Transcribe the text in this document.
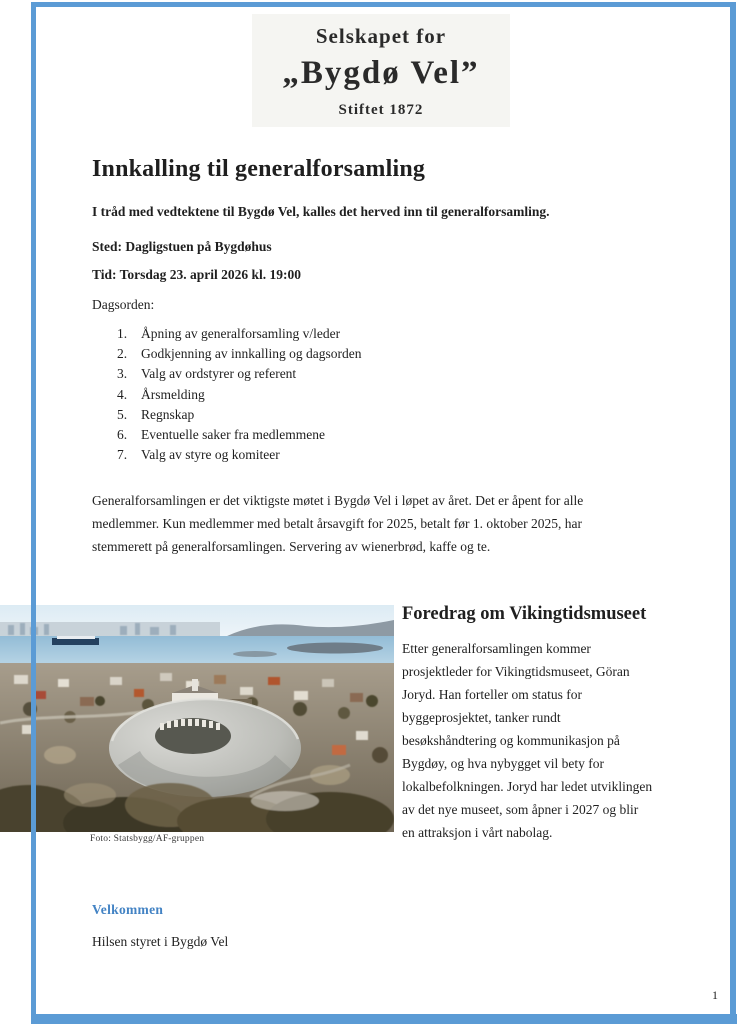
Selskapet for
„Bygdø Vel”
Stiftet 1872
Innkalling til generalforsamling
I tråd med vedtektene til Bygdø Vel, kalles det herved inn til generalforsamling.
Sted: Dagligstuen på Bygdøhus
Tid: Torsdag 23. april 2026 kl. 19:00
Dagsorden:
1.	Åpning av generalforsamling v/leder
2.	Godkjenning av innkalling og dagsorden
3.	Valg av ordstyrer og referent
4.	Årsmelding
5.	Regnskap
6.	Eventuelle saker fra medlemmene
7.	Valg av styre og komiteer
Generalforsamlingen er det viktigste møtet i Bygdø Vel i løpet av året. Det er åpent for alle
medlemmer. Kun medlemmer med betalt årsavgift for 2025, betalt før 1. oktober 2025, har
stemmerett på generalforsamlingen. Servering av wienerbrød, kaffe og te.
Foto: Statsbygg/AF-gruppen
Foredrag om Vikingtidsmuseet
Etter generalforsamlingen kommer
prosjektleder for Vikingtidsmuseet, Göran
Joryd. Han forteller om status for
byggeprosjektet, tanker rundt
besøkshåndtering og kommunikasjon på
Bygdøy, og hva nybygget vil bety for
lokalbefolkningen. Joryd har ledet utviklingen
av det nye museet, som åpner i 2027 og blir
en attraksjon i vårt nabolag.
Velkommen
Hilsen styret i Bygdø Vel
1
